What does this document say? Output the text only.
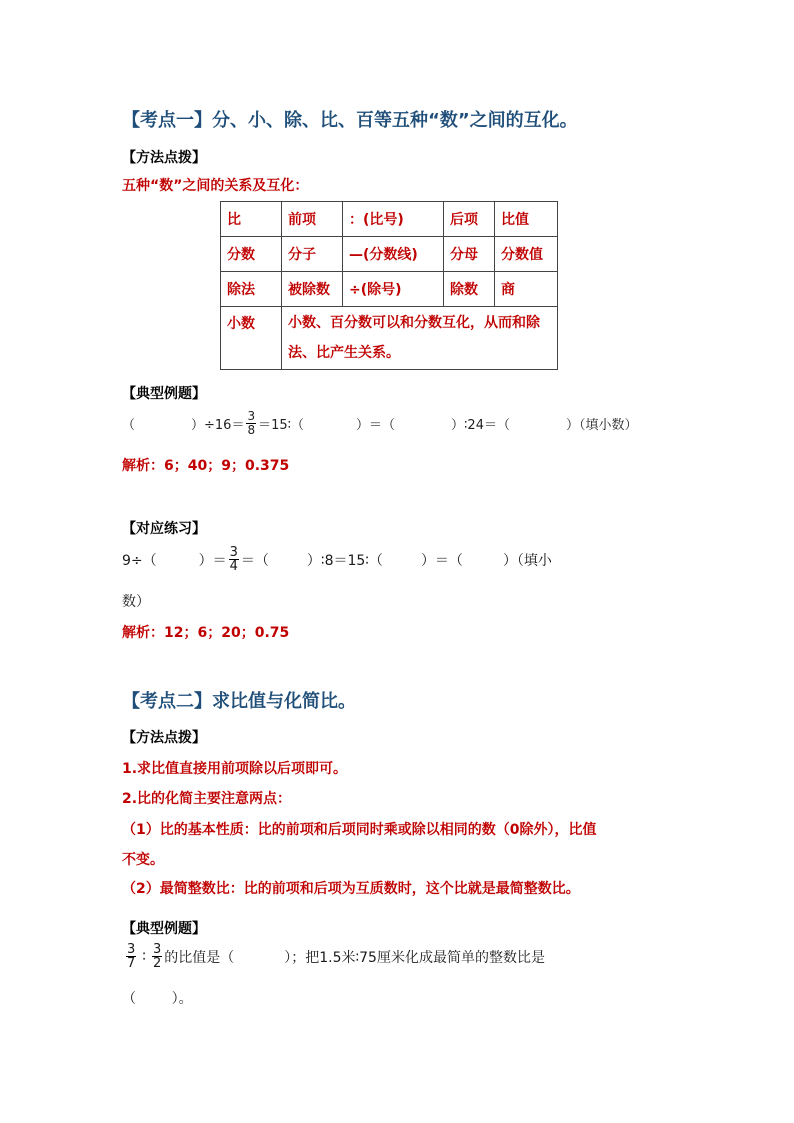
【考点一】分、小、除、比、百等五种“数”之间的互化。
【方法点拨】
五种“数”之间的关系及互化：
比	前项	：(比号)	后项	比值
分数	分子	—(分数线)	分母	分数值
除法	被除数	÷(除号)	除数	商
小数	小数、百分数可以和分数互化，从而和除法、比产生关系。			
【典型例题】
（	）$\div 16= \frac{3}{8}$ ＝15∶（	）＝（	）∶24＝（	）（填小数）
解析：6；40；9；0.375
【对应练习】
9÷（	）＝ $\frac{3}{4}$ ＝（	）∶8＝15∶（	）＝（	）（填小
数）
解析：12；6；20；0.75
【考点二】求比值与化简比。
【方法点拨】
1.求比值直接用前项除以后项即可。
2.比的化简主要注意两点：
（1）比的基本性质：比的前项和后项同时乘或除以相同的数（0除外），比值
不变。
（2）最简整数比：比的前项和后项为互质数时，这个比就是最简整数比。
【典型例题】
$\frac{3}{7}$ ∶ $\frac{3}{2}$ 的比值是（	）；把1.5米∶75厘米化成最简单的整数比是
（        ）。
